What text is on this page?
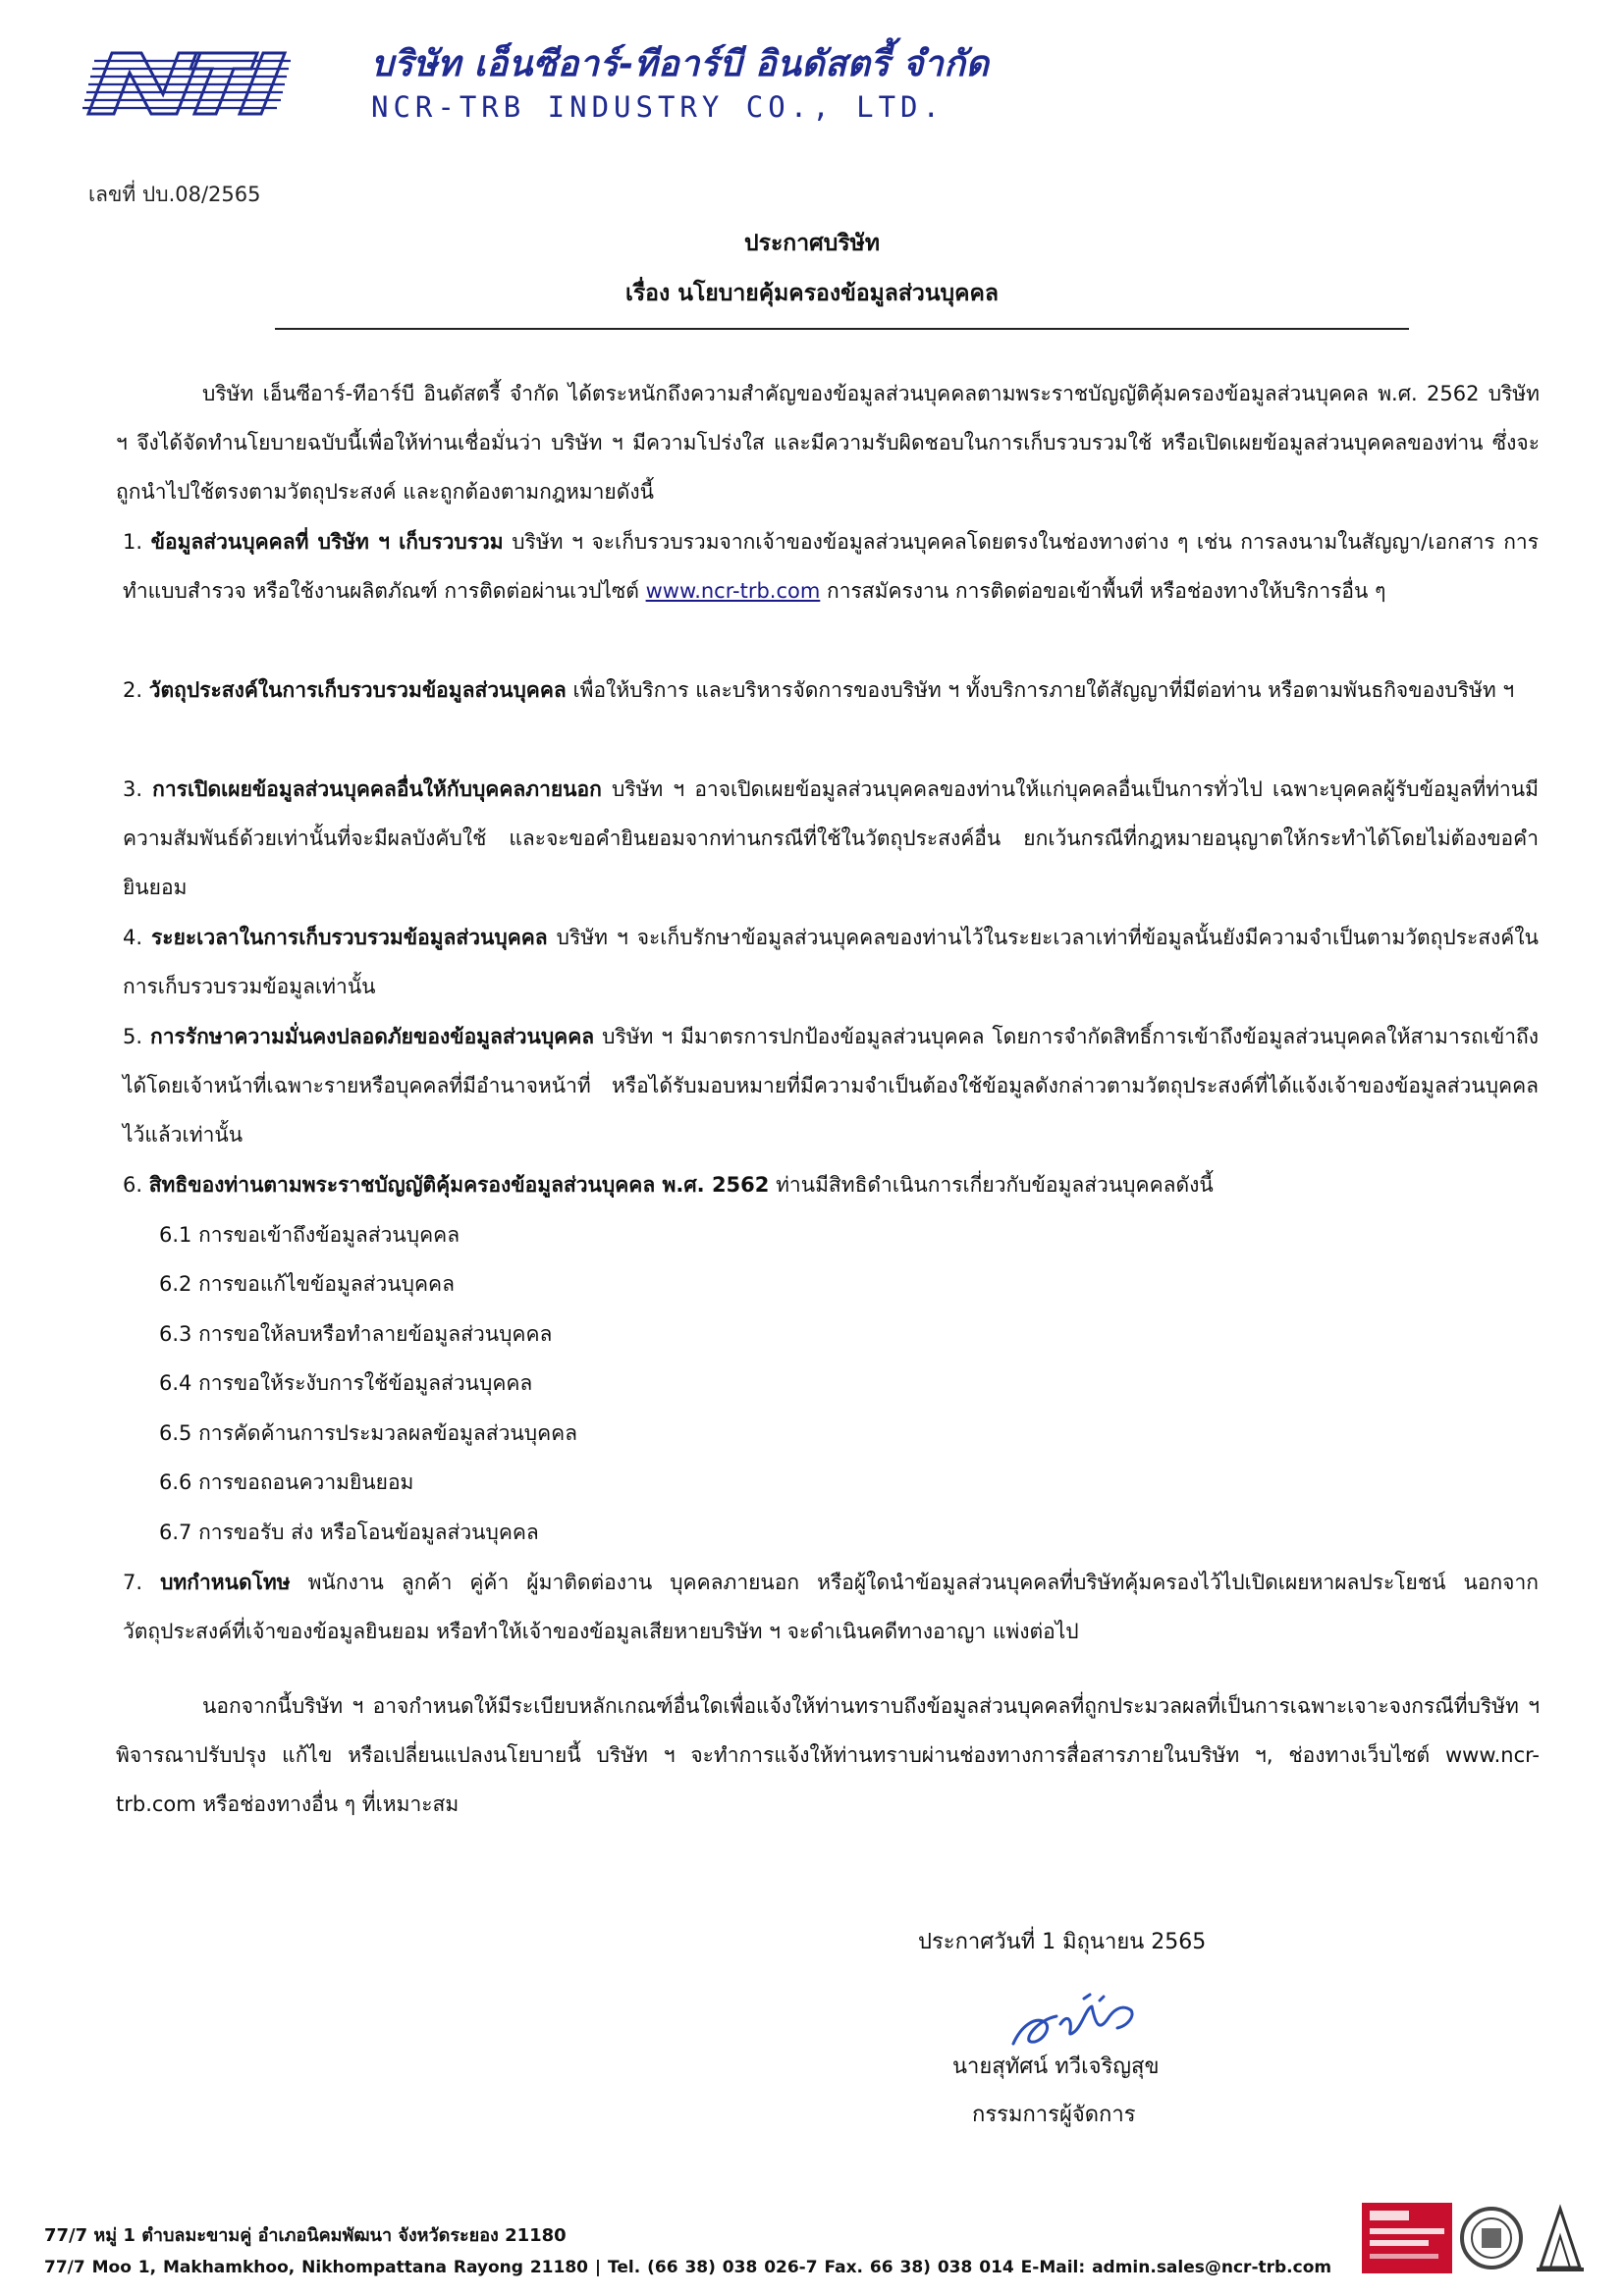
บริษัท เอ็นซีอาร์-ทีอาร์บี อินดัสตรี้ จำกัด
NCR-TRB INDUSTRY CO., LTD.
เลขที่ ปบ.08/2565
ประกาศบริษัท
เรื่อง นโยบายคุ้มครองข้อมูลส่วนบุคคล
บริษัท เอ็นซีอาร์-ทีอาร์บี อินดัสตรี้ จำกัด ได้ตระหนักถึงความสำคัญของข้อมูลส่วนบุคคลตามพระราชบัญญัติคุ้มครองข้อมูลส่วนบุคคล พ.ศ. 2562 บริษัท ฯ จึงได้จัดทำนโยบายฉบับนี้เพื่อให้ท่านเชื่อมั่นว่า บริษัท ฯ มีความโปร่งใส และมีความรับผิดชอบในการเก็บรวบรวมใช้ หรือเปิดเผยข้อมูลส่วนบุคคลของท่าน ซึ่งจะถูกนำไปใช้ตรงตามวัตถุประสงค์ และถูกต้องตามกฎหมายดังนี้
1. ข้อมูลส่วนบุคคลที่ บริษัท ฯ เก็บรวบรวม บริษัท ฯ จะเก็บรวบรวมจากเจ้าของข้อมูลส่วนบุคคลโดยตรงในช่องทางต่าง ๆ เช่น การลงนามในสัญญา/เอกสาร การทำแบบสำรวจ หรือใช้งานผลิตภัณฑ์ การติดต่อผ่านเวปไซต์ www.ncr-trb.com การสมัครงาน การติดต่อขอเข้าพื้นที่ หรือช่องทางให้บริการอื่น ๆ
2. วัตถุประสงค์ในการเก็บรวบรวมข้อมูลส่วนบุคคล เพื่อให้บริการ และบริหารจัดการของบริษัท ฯ ทั้งบริการภายใต้สัญญาที่มีต่อท่าน หรือตามพันธกิจของบริษัท ฯ
3. การเปิดเผยข้อมูลส่วนบุคคลอื่นให้กับบุคคลภายนอก บริษัท ฯ อาจเปิดเผยข้อมูลส่วนบุคคลของท่านให้แก่บุคคลอื่นเป็นการทั่วไป เฉพาะบุคคลผู้รับข้อมูลที่ท่านมีความสัมพันธ์ด้วยเท่านั้นที่จะมีผลบังคับใช้ และจะขอคำยินยอมจากท่านกรณีที่ใช้ในวัตถุประสงค์อื่น ยกเว้นกรณีที่กฎหมายอนุญาตให้กระทำได้โดยไม่ต้องขอคำยินยอม
4. ระยะเวลาในการเก็บรวบรวมข้อมูลส่วนบุคคล บริษัท ฯ จะเก็บรักษาข้อมูลส่วนบุคคลของท่านไว้ในระยะเวลาเท่าที่ข้อมูลนั้นยังมีความจำเป็นตามวัตถุประสงค์ในการเก็บรวบรวมข้อมูลเท่านั้น
5. การรักษาความมั่นคงปลอดภัยของข้อมูลส่วนบุคคล บริษัท ฯ มีมาตรการปกป้องข้อมูลส่วนบุคคล โดยการจำกัดสิทธิ์การเข้าถึงข้อมูลส่วนบุคคลให้สามารถเข้าถึงได้โดยเจ้าหน้าที่เฉพาะรายหรือบุคคลที่มีอำนาจหน้าที่ หรือได้รับมอบหมายที่มีความจำเป็นต้องใช้ข้อมูลดังกล่าวตามวัตถุประสงค์ที่ได้แจ้งเจ้าของข้อมูลส่วนบุคคลไว้แล้วเท่านั้น
6. สิทธิของท่านตามพระราชบัญญัติคุ้มครองข้อมูลส่วนบุคคล พ.ศ. 2562 ท่านมีสิทธิดำเนินการเกี่ยวกับข้อมูลส่วนบุคคลดังนี้
6.1 การขอเข้าถึงข้อมูลส่วนบุคคล
6.2 การขอแก้ไขข้อมูลส่วนบุคคล
6.3 การขอให้ลบหรือทำลายข้อมูลส่วนบุคคล
6.4 การขอให้ระงับการใช้ข้อมูลส่วนบุคคล
6.5 การคัดค้านการประมวลผลข้อมูลส่วนบุคคล
6.6 การขอถอนความยินยอม
6.7 การขอรับ ส่ง หรือโอนข้อมูลส่วนบุคคล
7. บทกำหนดโทษ พนักงาน ลูกค้า คู่ค้า ผู้มาติดต่องาน บุคคลภายนอก หรือผู้ใดนำข้อมูลส่วนบุคคลที่บริษัทคุ้มครองไว้ไปเปิดเผยหาผลประโยชน์ นอกจากวัตถุประสงค์ที่เจ้าของข้อมูลยินยอม หรือทำให้เจ้าของข้อมูลเสียหายบริษัท ฯ จะดำเนินคดีทางอาญา แพ่งต่อไป
นอกจากนี้บริษัท ฯ อาจกำหนดให้มีระเบียบหลักเกณฑ์อื่นใดเพื่อแจ้งให้ท่านทราบถึงข้อมูลส่วนบุคคลที่ถูกประมวลผลที่เป็นการเฉพาะเจาะจงกรณีที่บริษัท ฯ พิจารณาปรับปรุง แก้ไข หรือเปลี่ยนแปลงนโยบายนี้ บริษัท ฯ จะทำการแจ้งให้ท่านทราบผ่านช่องทางการสื่อสารภายในบริษัท ฯ, ช่องทางเว็บไซต์ www.ncr-trb.com หรือช่องทางอื่น ๆ ที่เหมาะสม
ประกาศวันที่ 1 มิถุนายน 2565
นายสุทัศน์ ทวีเจริญสุข
กรรมการผู้จัดการ
77/7 หมู่ 1 ตำบลมะขามคู่ อำเภอนิคมพัฒนา จังหวัดระยอง 21180
77/7 Moo 1, Makhamkhoo, Nikhompattana Rayong 21180 | Tel. (66 38) 038 026-7 Fax. 66 38) 038 014 E-Mail: admin.sales@ncr-trb.com
